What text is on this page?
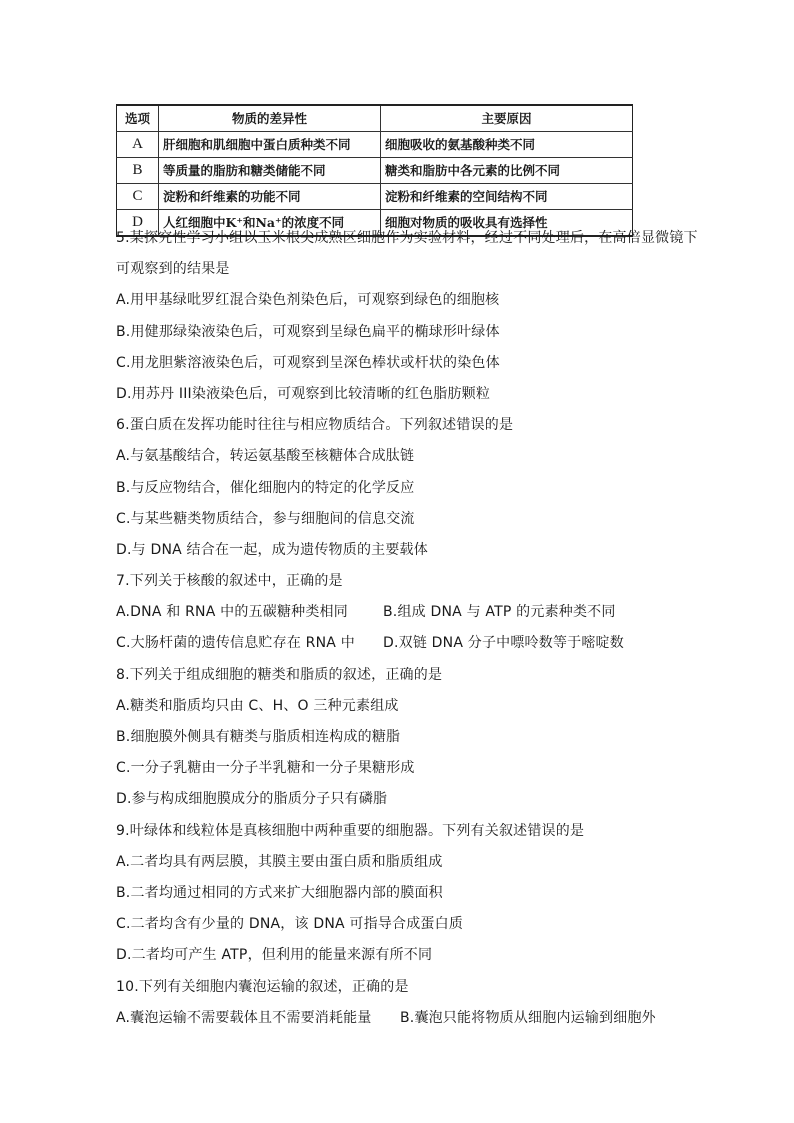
选项	物质的差异性	主要原因
A	肝细胞和肌细胞中蛋白质种类不同	细胞吸收的氨基酸种类不同
B	等质量的脂肪和糖类储能不同	糖类和脂肪中各元素的比例不同
C	淀粉和纤维素的功能不同	淀粉和纤维素的空间结构不同
D	人红细胞中K⁺和Na⁺的浓度不同	细胞对物质的吸收具有选择性
5.某探究性学习小组以玉米根尖成熟区细胞作为实验材料，经过不同处理后，在高倍显微镜下
可观察到的结果是
A.用甲基绿吡罗红混合染色剂染色后，可观察到绿色的细胞核
B.用健那绿染液染色后，可观察到呈绿色扁平的椭球形叶绿体
C.用龙胆紫溶液染色后，可观察到呈深色棒状或杆状的染色体
D.用苏丹 III染液染色后，可观察到比较清晰的红色脂肪颗粒
6.蛋白质在发挥功能时往往与相应物质结合。下列叙述错误的是
A.与氨基酸结合，转运氨基酸至核糖体合成肽链
B.与反应物结合，催化细胞内的特定的化学反应
C.与某些糖类物质结合，参与细胞间的信息交流
D.与 DNA 结合在一起，成为遗传物质的主要载体
7.下列关于核酸的叙述中，正确的是
A.DNA 和 RNA 中的五碳糖种类相同	B.组成 DNA 与 ATP 的元素种类不同
C.大肠杆菌的遗传信息贮存在 RNA 中	D.双链 DNA 分子中嘌呤数等于嘧啶数
8.下列关于组成细胞的糖类和脂质的叙述，正确的是
A.糖类和脂质均只由 C、H、O 三种元素组成
B.细胞膜外侧具有糖类与脂质相连构成的糖脂
C.一分子乳糖由一分子半乳糖和一分子果糖形成
D.参与构成细胞膜成分的脂质分子只有磷脂
9.叶绿体和线粒体是真核细胞中两种重要的细胞器。下列有关叙述错误的是
A.二者均具有两层膜，其膜主要由蛋白质和脂质组成
B.二者均通过相同的方式来扩大细胞器内部的膜面积
C.二者均含有少量的 DNA，该 DNA 可指导合成蛋白质
D.二者均可产生 ATP，但利用的能量来源有所不同
10.下列有关细胞内囊泡运输的叙述，正确的是
A.囊泡运输不需要载体且不需要消耗能量	B.囊泡只能将物质从细胞内运输到细胞外
